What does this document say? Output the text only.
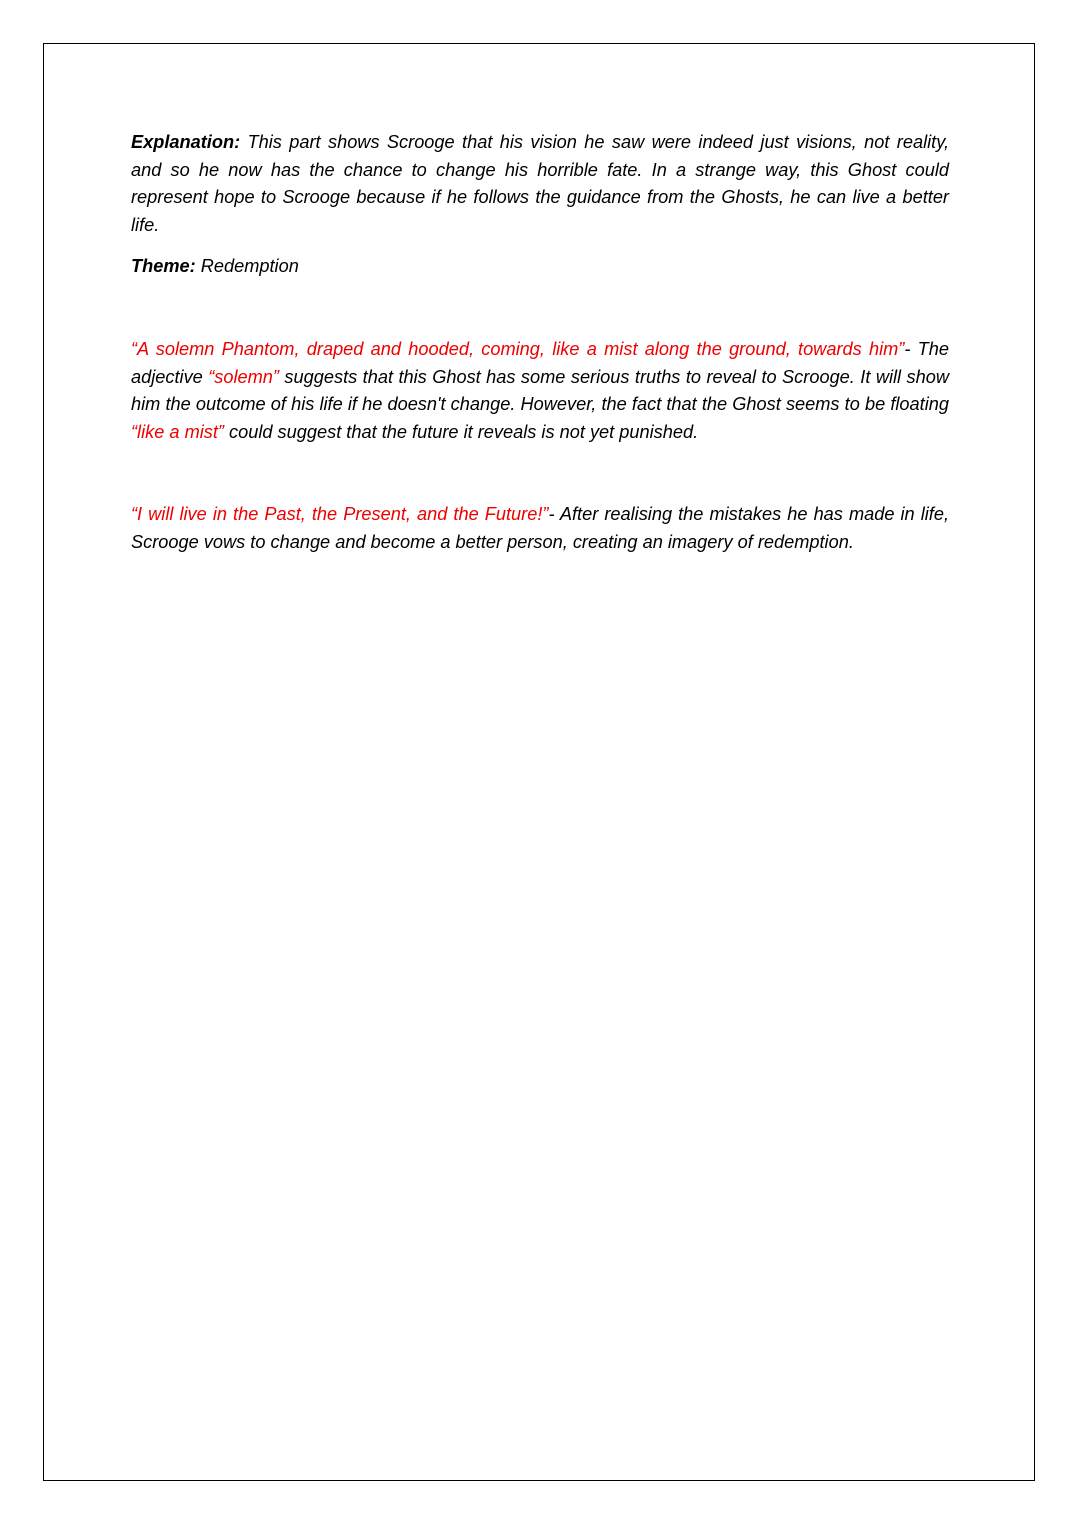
Explanation: This part shows Scrooge that his vision he saw were indeed just visions, not reality, and so he now has the chance to change his horrible fate. In a strange way, this Ghost could represent hope to Scrooge because if he follows the guidance from the Ghosts, he can live a better life.

Theme: Redemption

“A solemn Phantom, draped and hooded, coming, like a mist along the ground, towards him”- The adjective “solemn” suggests that this Ghost has some serious truths to reveal to Scrooge. It will show him the outcome of his life if he doesn't change. However, the fact that the Ghost seems to be floating “like a mist” could suggest that the future it reveals is not yet punished.

“I will live in the Past, the Present, and the Future!”- After realising the mistakes he has made in life, Scrooge vows to change and become a better person, creating an imagery of redemption.
